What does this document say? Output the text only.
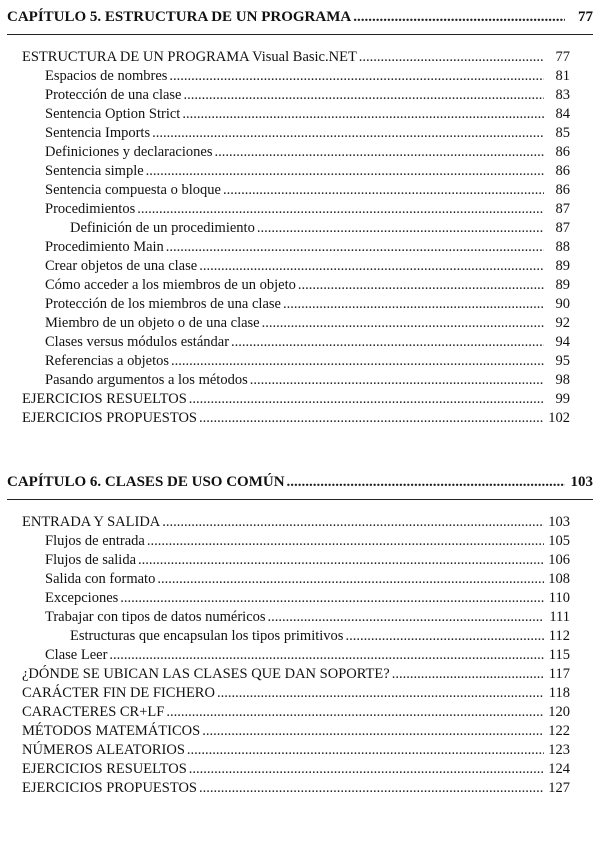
CAPÍTULO 5. ESTRUCTURA DE UN PROGRAMA .....	77
ESTRUCTURA DE UN PROGRAMA Visual Basic.NET .....	77
Espacios de nombres .....	81
Protección de una clase .....	83
Sentencia Option Strict .....	84
Sentencia Imports .....	85
Definiciones y declaraciones .....	86
Sentencia simple .....	86
Sentencia compuesta o bloque .....	86
Procedimientos .....	87
Definición de un procedimiento .....	87
Procedimiento Main .....	88
Crear objetos de una clase .....	89
Cómo acceder a los miembros de un objeto .....	89
Protección de los miembros de una clase .....	90
Miembro de un objeto o de una clase .....	92
Clases versus módulos estándar .....	94
Referencias a objetos .....	95
Pasando argumentos a los métodos .....	98
EJERCICIOS RESUELTOS .....	99
EJERCICIOS PROPUESTOS .....	102
CAPÍTULO 6. CLASES DE USO COMÚN .....	103
ENTRADA Y SALIDA .....	103
Flujos de entrada .....	105
Flujos de salida .....	106
Salida con formato .....	108
Excepciones .....	110
Trabajar con tipos de datos numéricos .....	111
Estructuras que encapsulan los tipos primitivos .....	112
Clase Leer .....	115
¿DÓNDE SE UBICAN LAS CLASES QUE DAN SOPORTE? .....	117
CARÁCTER FIN DE FICHERO .....	118
CARACTERES CR+LF .....	120
MÉTODOS MATEMÁTICOS .....	122
NÚMEROS ALEATORIOS .....	123
EJERCICIOS RESUELTOS .....	124
EJERCICIOS PROPUESTOS .....	127
